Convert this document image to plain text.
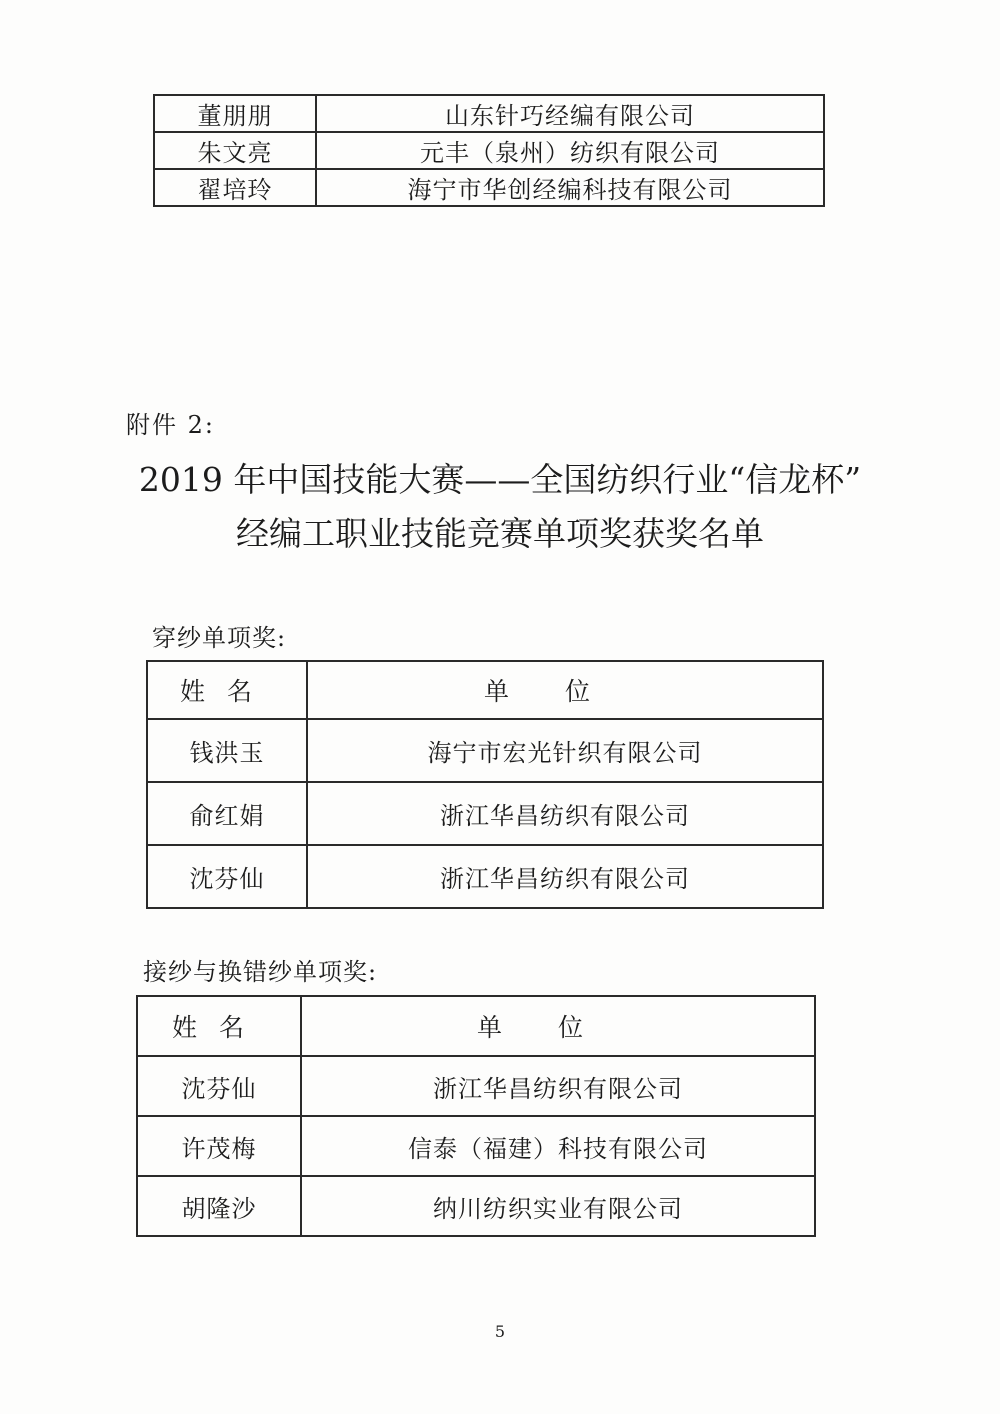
董朋朋	山东针巧经编有限公司
朱文亮	元丰（泉州）纺织有限公司
翟培玲	海宁市华创经编科技有限公司
附件 2:
2019 年中国技能大赛——全国纺织行业“信龙杯”
经编工职业技能竞赛单项奖获奖名单
穿纱单项奖:
姓名	单位
钱洪玉	海宁市宏光针织有限公司
俞红娟	浙江华昌纺织有限公司
沈芬仙	浙江华昌纺织有限公司
接纱与换错纱单项奖:
姓名	单位
沈芬仙	浙江华昌纺织有限公司
许茂梅	信泰（福建）科技有限公司
胡隆沙	纳川纺织实业有限公司
5
